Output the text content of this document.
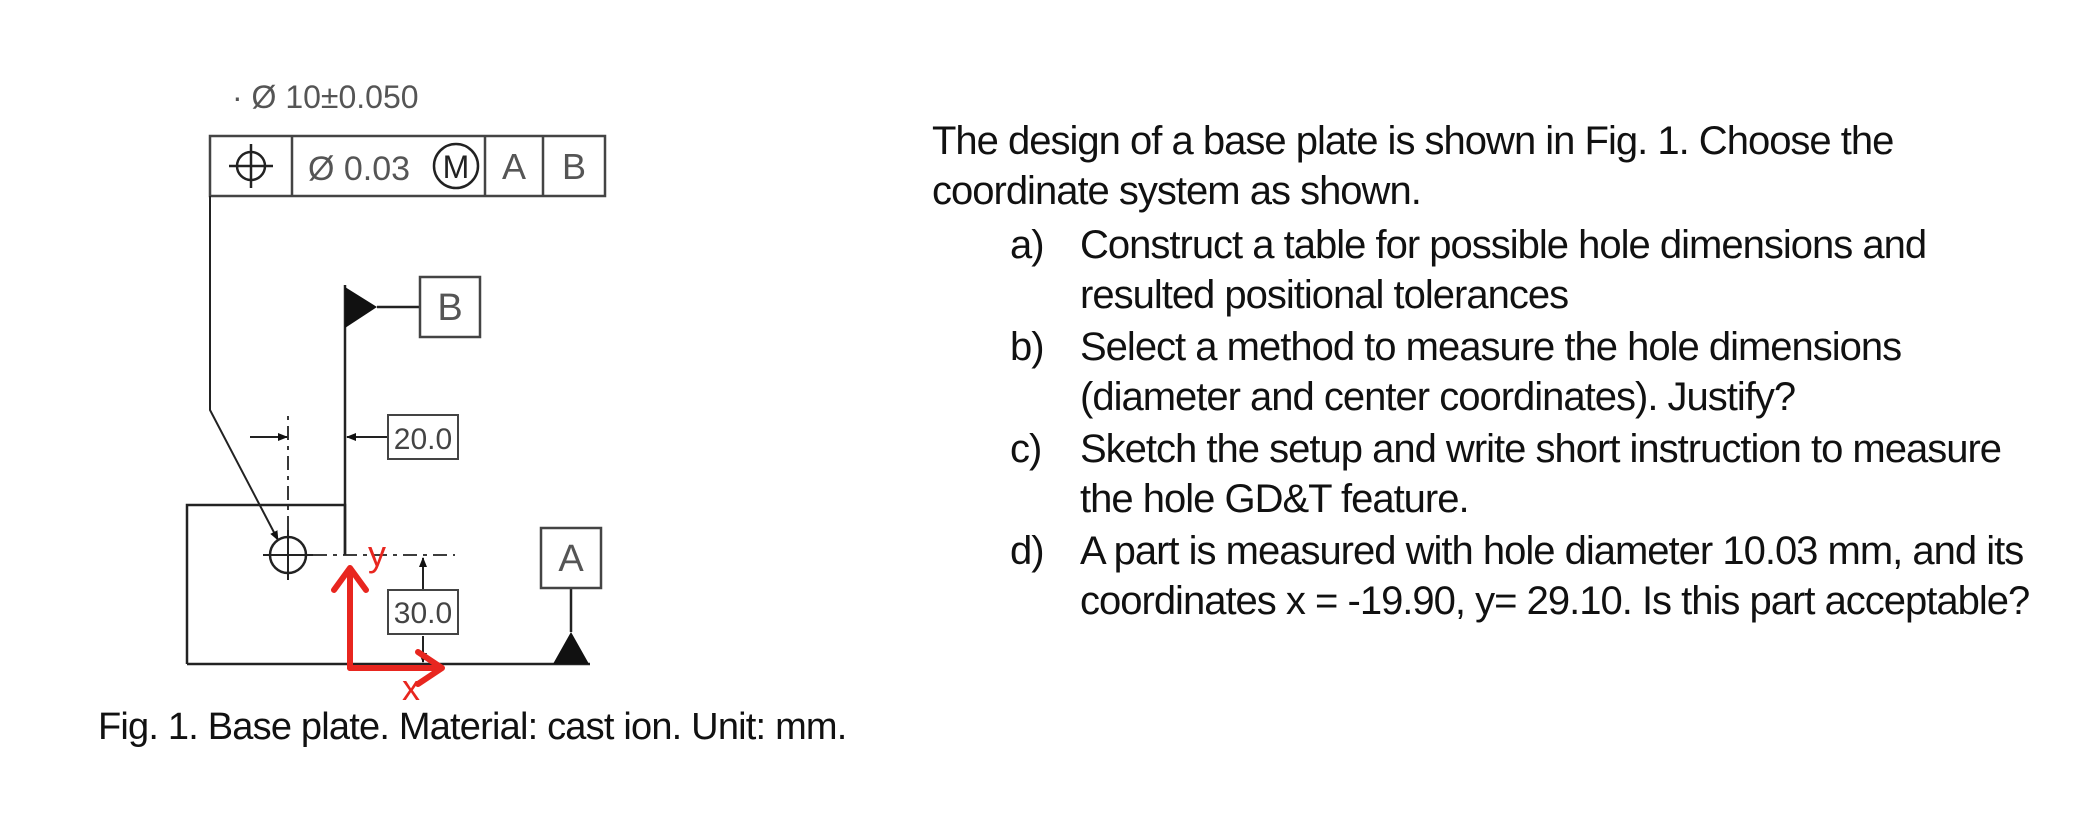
· Ø 10±0.050
Ø 0.03 M A B
B
A
20.0
30.0
y
x
Fig. 1. Base plate. Material: cast ion. Unit: mm.

The design of a base plate is shown in Fig. 1. Choose the coordinate system as shown.

a) Construct a table for possible hole dimensions and resulted positional tolerances
b) Select a method to measure the hole dimensions (diameter and center coordinates). Justify?
c) Sketch the setup and write short instruction to measure the hole GD&T feature.
d) A part is measured with hole diameter 10.03 mm, and its coordinates x = -19.90, y= 29.10. Is this part acceptable?
